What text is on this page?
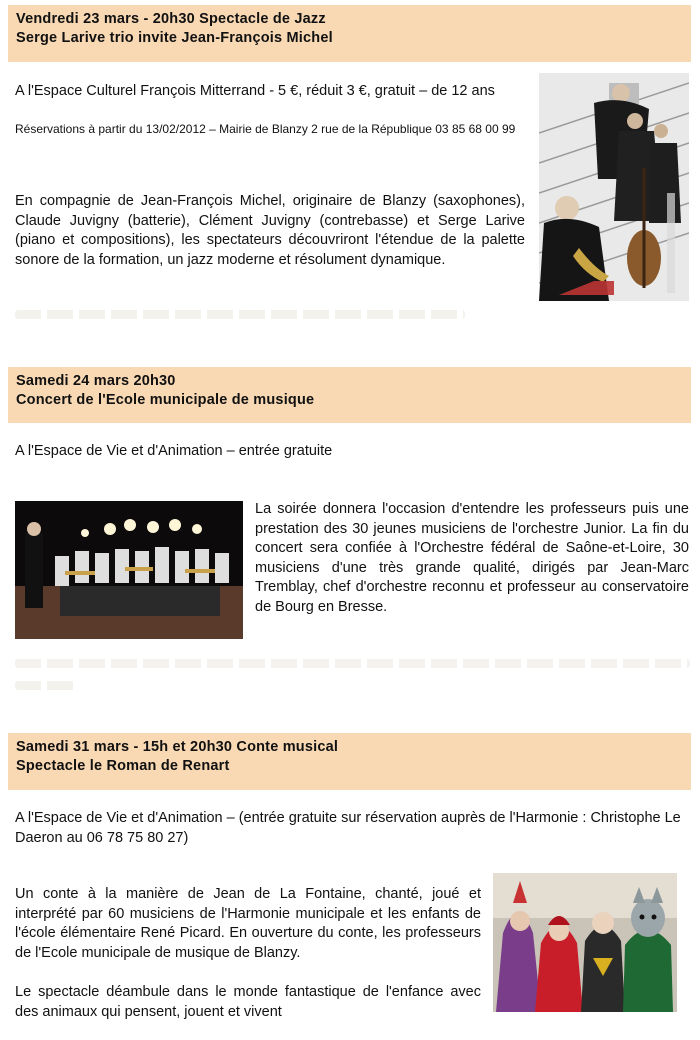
Vendredi 23 mars - 20h30 Spectacle de Jazz
Serge Larive trio invite Jean-François Michel
A l'Espace Culturel François Mitterrand - 5 €, réduit 3 €, gratuit – de 12 ans
Réservations à partir du 13/02/2012 – Mairie de Blanzy 2 rue de la République 03 85 68 00 99
En compagnie de Jean-François Michel, originaire de Blanzy (saxophones), Claude Juvigny (batterie), Clément Juvigny (contrebasse) et Serge Larive (piano et compositions), les spectateurs découvriront l'étendue de la palette sonore de la formation, un jazz moderne et résolument dynamique.
Samedi 24 mars 20h30
Concert de l'Ecole municipale de musique
A l'Espace de Vie et d'Animation – entrée gratuite
La soirée donnera l'occasion d'entendre les professeurs puis une prestation des 30 jeunes musiciens de l'orchestre Junior. La fin du concert sera confiée à l'Orchestre fédéral de Saône-et-Loire, 30 musiciens d'une très grande qualité, dirigés par Jean-Marc Tremblay, chef d'orchestre reconnu et professeur au conservatoire de Bourg en Bresse.
Samedi 31 mars - 15h et 20h30 Conte musical
Spectacle le Roman de Renart
A l'Espace de Vie et d'Animation – (entrée gratuite sur réservation auprès de l'Harmonie : Christophe Le Daeron au 06 78 75 80 27)
Un conte à la manière de Jean de La Fontaine, chanté, joué et interprété par 60 musiciens de l'Harmonie municipale et les enfants de l'école élémentaire René Picard. En ouverture du conte, les professeurs de l'Ecole municipale de musique de Blanzy.
Le spectacle déambule dans le monde fantastique de l'enfance avec des animaux qui pensent, jouent et vivent
